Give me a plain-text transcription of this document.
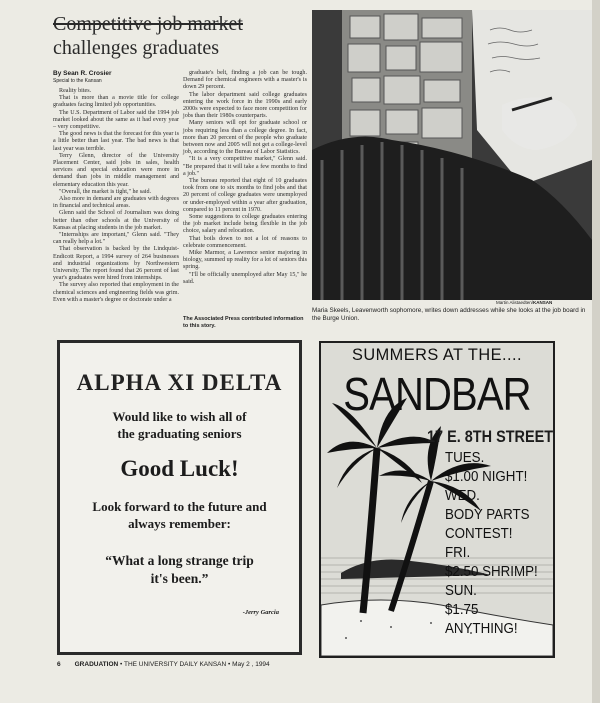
Competitive job market
challenges graduates
By Sean R. Crosier
Special to the Kansan

Reality bites.

That is more than a movie title for college graduates facing limited job opportunities.

The U.S. Department of Labor said the 1994 job market looked about the same as it had every year – very competitive.

The good news is that the forecast for this year is a little better than last year. The bad news is that last year was terrible.

Terry Glenn, director of the University Placement Center, said jobs in sales, health services and special education were more in demand than jobs in middle management and elementary education this year.

"Overall, the market is tight," he said.

Also more in demand are graduates with degrees in financial and technical areas.

Glenn said the School of Journalism was doing better than other schools at the University of Kansas at placing students in the job market.

"Internships are important," Glenn said. "They can really help a lot."

That observation is backed by the Lindquist-Endicott Report, a 1994 survey of 264 businesses and industrial organizations by Northwestern University. The report found that 26 percent of last year's graduates were hired from internships.

The survey also reported that employment in the chemical sciences and engineering fields was grim. Even with a master's degree or doctorate under a

graduate's belt, finding a job can be tough. Demand for chemical engineers with a master's is down 29 percent.

The labor department said college graduates entering the work force in the 1990s and early 2000s were expected to face more competition for jobs than their 1980s counterparts.

Many seniors will opt for graduate school or jobs requiring less than a college degree. In fact, more than 20 percent of the people who graduate between now and 2005 will not get a college-level job, according to the Bureau of Labor Statistics.

"It is a very competitive market," Glenn said. "Be prepared that it will take a few months to find a job."

The bureau reported that eight of 10 graduates took from one to six months to find jobs and that 20 percent of college graduates were unemployed or under-employed within a year after graduation, compared to 11 percent in 1970.

Some suggestions to college graduates entering the job market include being flexible in the job choice, salary and relocation.

That boils down to not a lot of reasons to celebrate commencement.

Mike Marmor, a Lawrence senior majoring in biology, summed up reality for a lot of seniors this spring.

"I'll be officially unemployed after May 15," he said.

The Associated Press contributed information to this story.
Martin Alistaedten/KANSAN
Maria Skeels, Leavenworth sophomore, writes down addresses while she looks at the job board in the Burge Union.
ALPHA XI DELTA
Would like to wish all of
the graduating seniors
Good Luck!
Look forward to the future and
always remember:
“What a long strange trip
it's been.”
-Jerry Garcia
SUMMERS AT THE....
SANDBAR
17 E. 8TH STREET
TUES.
$1.00 NIGHT!
WED.
BODY PARTS
CONTEST!
FRI.
$2.50 SHRIMP!
SUN.
$1.75
ANYTHING!
6 GRADUATION • THE UNIVERSITY DAILY KANSAN • May 2 , 1994
